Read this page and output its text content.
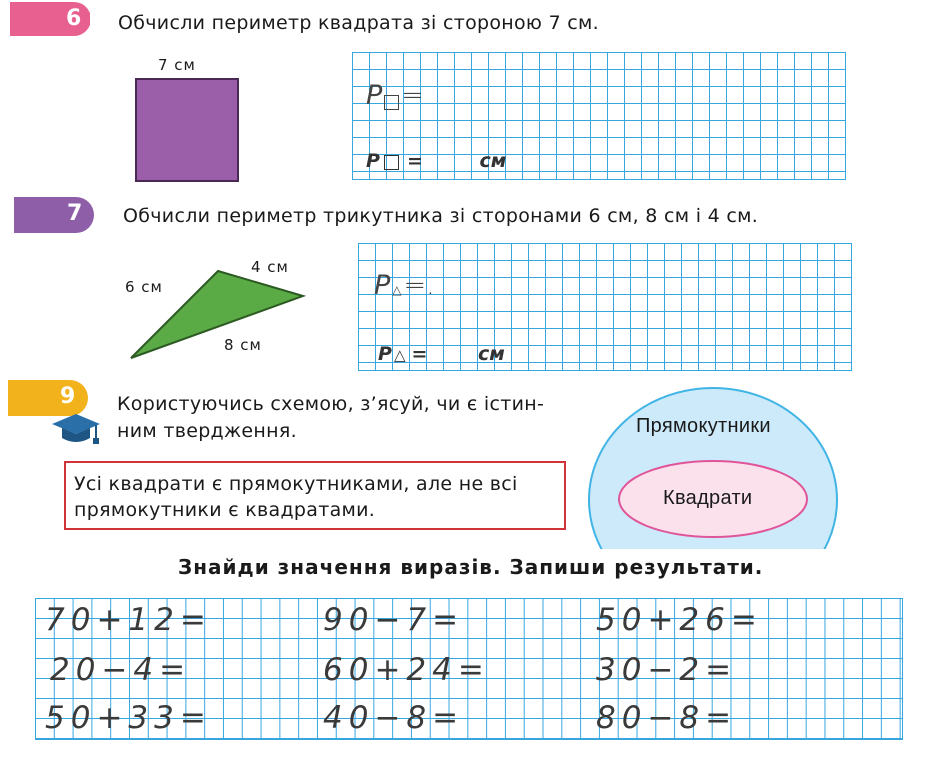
6 Обчисли периметр квадрата зі стороною 7 см.
7 см
P =
P =	см
7 Обчисли периметр трикутника зі сторонами 6 см, 8 см і 4 см.
6 см
4 см
8 см
P △=.
P △ =	см
9 Користуючись схемою, з’ясуй, чи є істин-
ним твердження.
Усі квадрати є прямокутниками, але не всі
прямокутники є квадратами.
Прямокутники
Квадрати
Знайди значення виразів. Запиши результати.
70+12=	90−7=	50+26=
20−4=	60+24=	30−2=
50+33=	40−8=	80−8=
